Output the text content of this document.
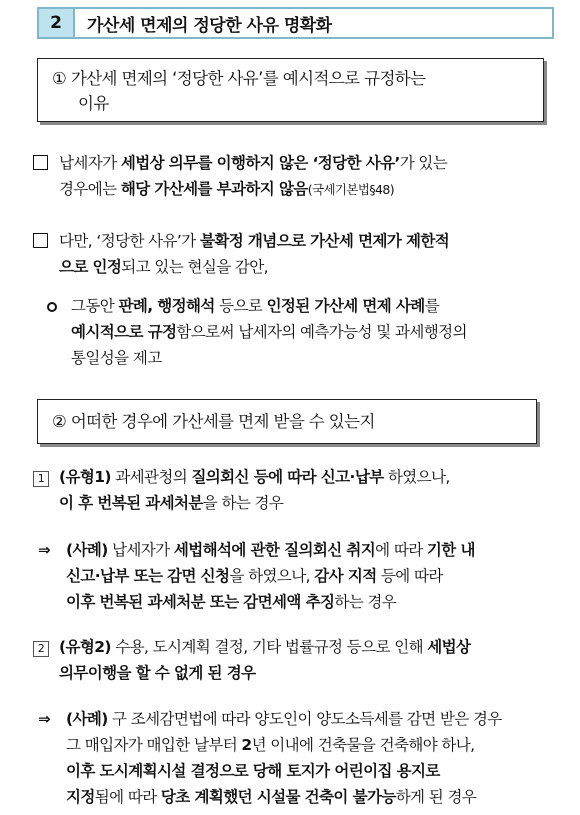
2	가산세 면제의 정당한 사유 명확화
① 가산세 면제의 ‘정당한 사유’를 예시적으로 규정하는
이유
납세자가 세법상 의무를 이행하지 않은 ‘정당한 사유’가 있는
경우에는 해당 가산세를 부과하지 않음(국세기본법§48)
다만, ‘정당한 사유’가 불확정 개념으로 가산세 면제가 제한적
으로 인정되고 있는 현실을 감안,
그동안 판례, 행정해석 등으로 인정된 가산세 면제 사례를
예시적으로 규정함으로써 납세자의 예측가능성 및 과세행정의
통일성을 제고
② 어떠한 경우에 가산세를 면제 받을 수 있는지
1 (유형1) 과세관청의 질의회신 등에 따라 신고·납부 하였으나,
이 후 번복된 과세처분을 하는 경우
⇒	(사례) 납세자가 세법해석에 관한 질의회신 취지에 따라 기한 내
신고·납부 또는 감면 신청을 하였으나, 감사 지적 등에 따라
이후 번복된 과세처분 또는 감면세액 추징하는 경우
2 (유형2) 수용, 도시계획 결정, 기타 법률규정 등으로 인해 세법상
의무이행을 할 수 없게 된 경우
⇒	(사례) 구 조세감면법에 따라 양도인이 양도소득세를 감면 받은 경우
그 매입자가 매입한 날부터 2년 이내에 건축물을 건축해야 하나,
이후 도시계획시설 결정으로 당해 토지가 어린이집 용지로
지정됨에 따라 당초 계획했던 시설물 건축이 불가능하게 된 경우
